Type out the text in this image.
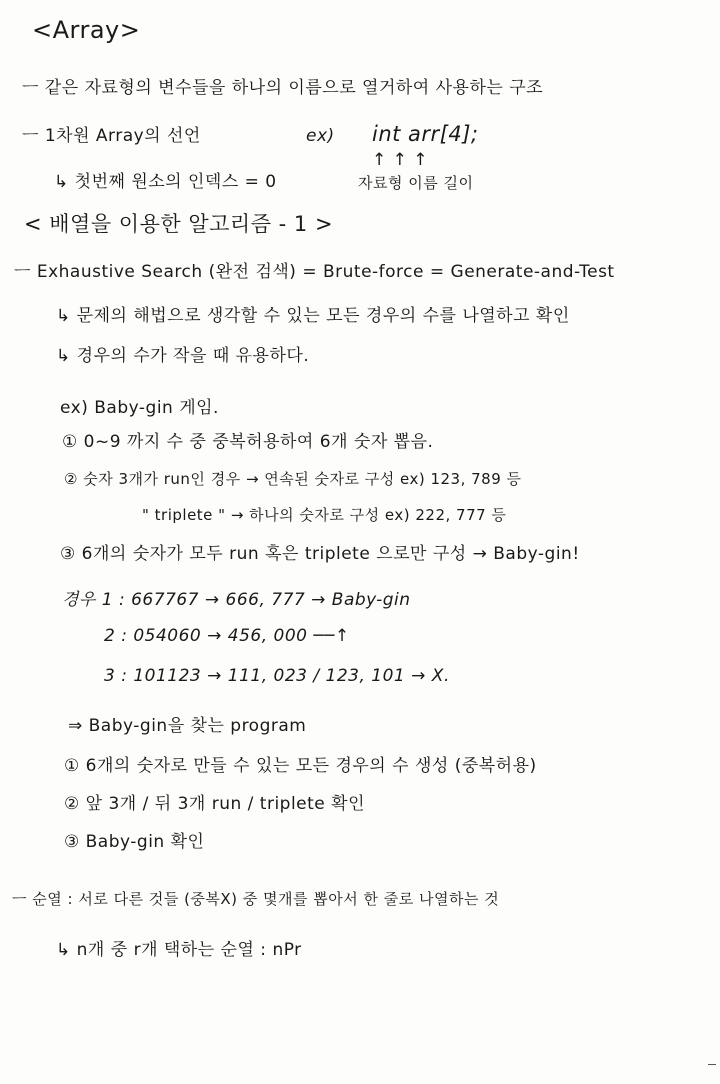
<Array>
ㅡ 같은 자료형의 변수들을 하나의 이름으로 열거하여 사용하는 구조
ㅡ 1차원 Array의 선언	ex) int arr[4];
↑ ↑ ↑
↳ 첫번째 원소의 인덱스 = 0	자료형 이름 길이
< 배열을 이용한 알고리즘 - 1 >
ㅡ Exhaustive Search (완전 검색) = Brute-force = Generate-and-Test
↳ 문제의 해법으로 생각할 수 있는 모든 경우의 수를 나열하고 확인
↳ 경우의 수가 작을 때 유용하다.
ex) Baby-gin 게임.
① 0~9 까지 수 중 중복허용하여 6개 숫자 뽑음.
② 숫자 3개가 run인 경우 → 연속된 숫자로 구성 ex) 123, 789 등
" triplete " → 하나의 숫자로 구성 ex) 222, 777 등
③ 6개의 숫자가 모두 run 혹은 triplete 으로만 구성 → Baby-gin!
경우 1 : 667767 → 666, 777 → Baby-gin
2 : 054060 → 456, 000 ──↑
3 : 101123 → 111, 023 / 123, 101 → X.
⇒ Baby-gin을 찾는 program
① 6개의 숫자로 만들 수 있는 모든 경우의 수 생성 (중복허용)
② 앞 3개 / 뒤 3개 run / triplete 확인
③ Baby-gin 확인
ㅡ 순열 : 서로 다른 것들 (중복X) 중 몇개를 뽑아서 한 줄로 나열하는 것
↳ n개 중 r개 택하는 순열 : nPr
